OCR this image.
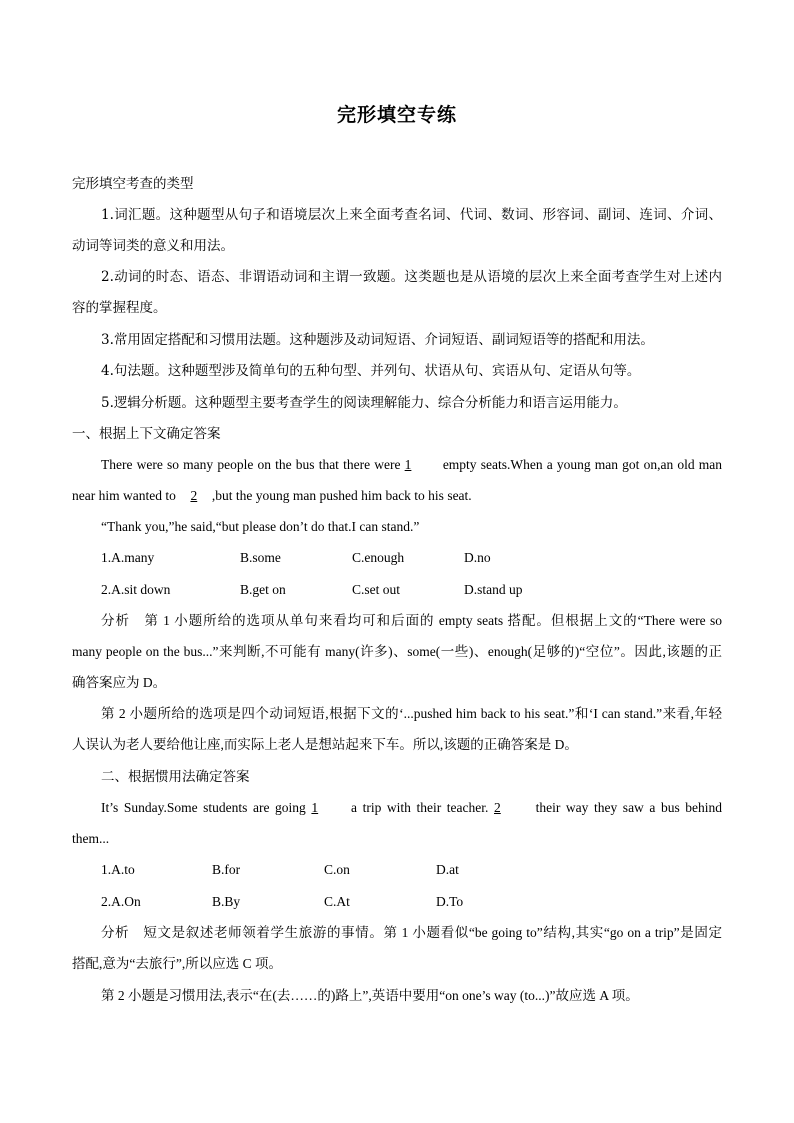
完形填空专练
完形填空考查的类型
1.词汇题。这种题型从句子和语境层次上来全面考查名词、代词、数词、形容词、副词、连词、介词、
动词等词类的意义和用法。
2.动词的时态、语态、非谓语动词和主谓一致题。这类题也是从语境的层次上来全面考查学生对上述内
容的掌握程度。
3.常用固定搭配和习惯用法题。这种题涉及动词短语、介词短语、副词短语等的搭配和用法。
4.句法题。这种题型涉及简单句的五种句型、并列句、状语从句、宾语从句、定语从句等。
5.逻辑分析题。这种题型主要考查学生的阅读理解能力、综合分析能力和语言运用能力。
一、根据上下文确定答案
There were so many people on the bus that there were 1 empty seats.When a young man got on,an old man
near him wanted to 2 ,but the young man pushed him back to his seat.
“Thank you,”he said,“but please don’t do that.I can stand.”
1.A.many	B.some	C.enough	D.no
2.A.sit down	B.get on	C.set out	D.stand up
分析　第 1 小题所给的选项从单句来看均可和后面的 empty seats 搭配。但根据上文的“There were so
many people on the bus...”来判断,不可能有 many(许多)、some(一些)、enough(足够的)“空位”。因此,该题的正
确答案应为 D。
第 2 小题所给的选项是四个动词短语,根据下文的‘...pushed him back to his seat.”和‘I can stand.”来看,年轻
人误认为老人要给他让座,而实际上老人是想站起来下车。所以,该题的正确答案是 D。
二、根据惯用法确定答案
It’s Sunday.Some students are going 1 a trip with their teacher. 2	their way they saw a bus behind
them...
1.A.to	B.for	C.on	D.at
2.A.On	B.By	C.At	D.To
分析　短文是叙述老师领着学生旅游的事情。第 1 小题看似“be going to”结构,其实“go on a trip”是固定
搭配,意为“去旅行”,所以应选 C 项。
第 2 小题是习惯用法,表示“在(去……的)路上”,英语中要用“on one’s way (to...)”故应选 A 项。
